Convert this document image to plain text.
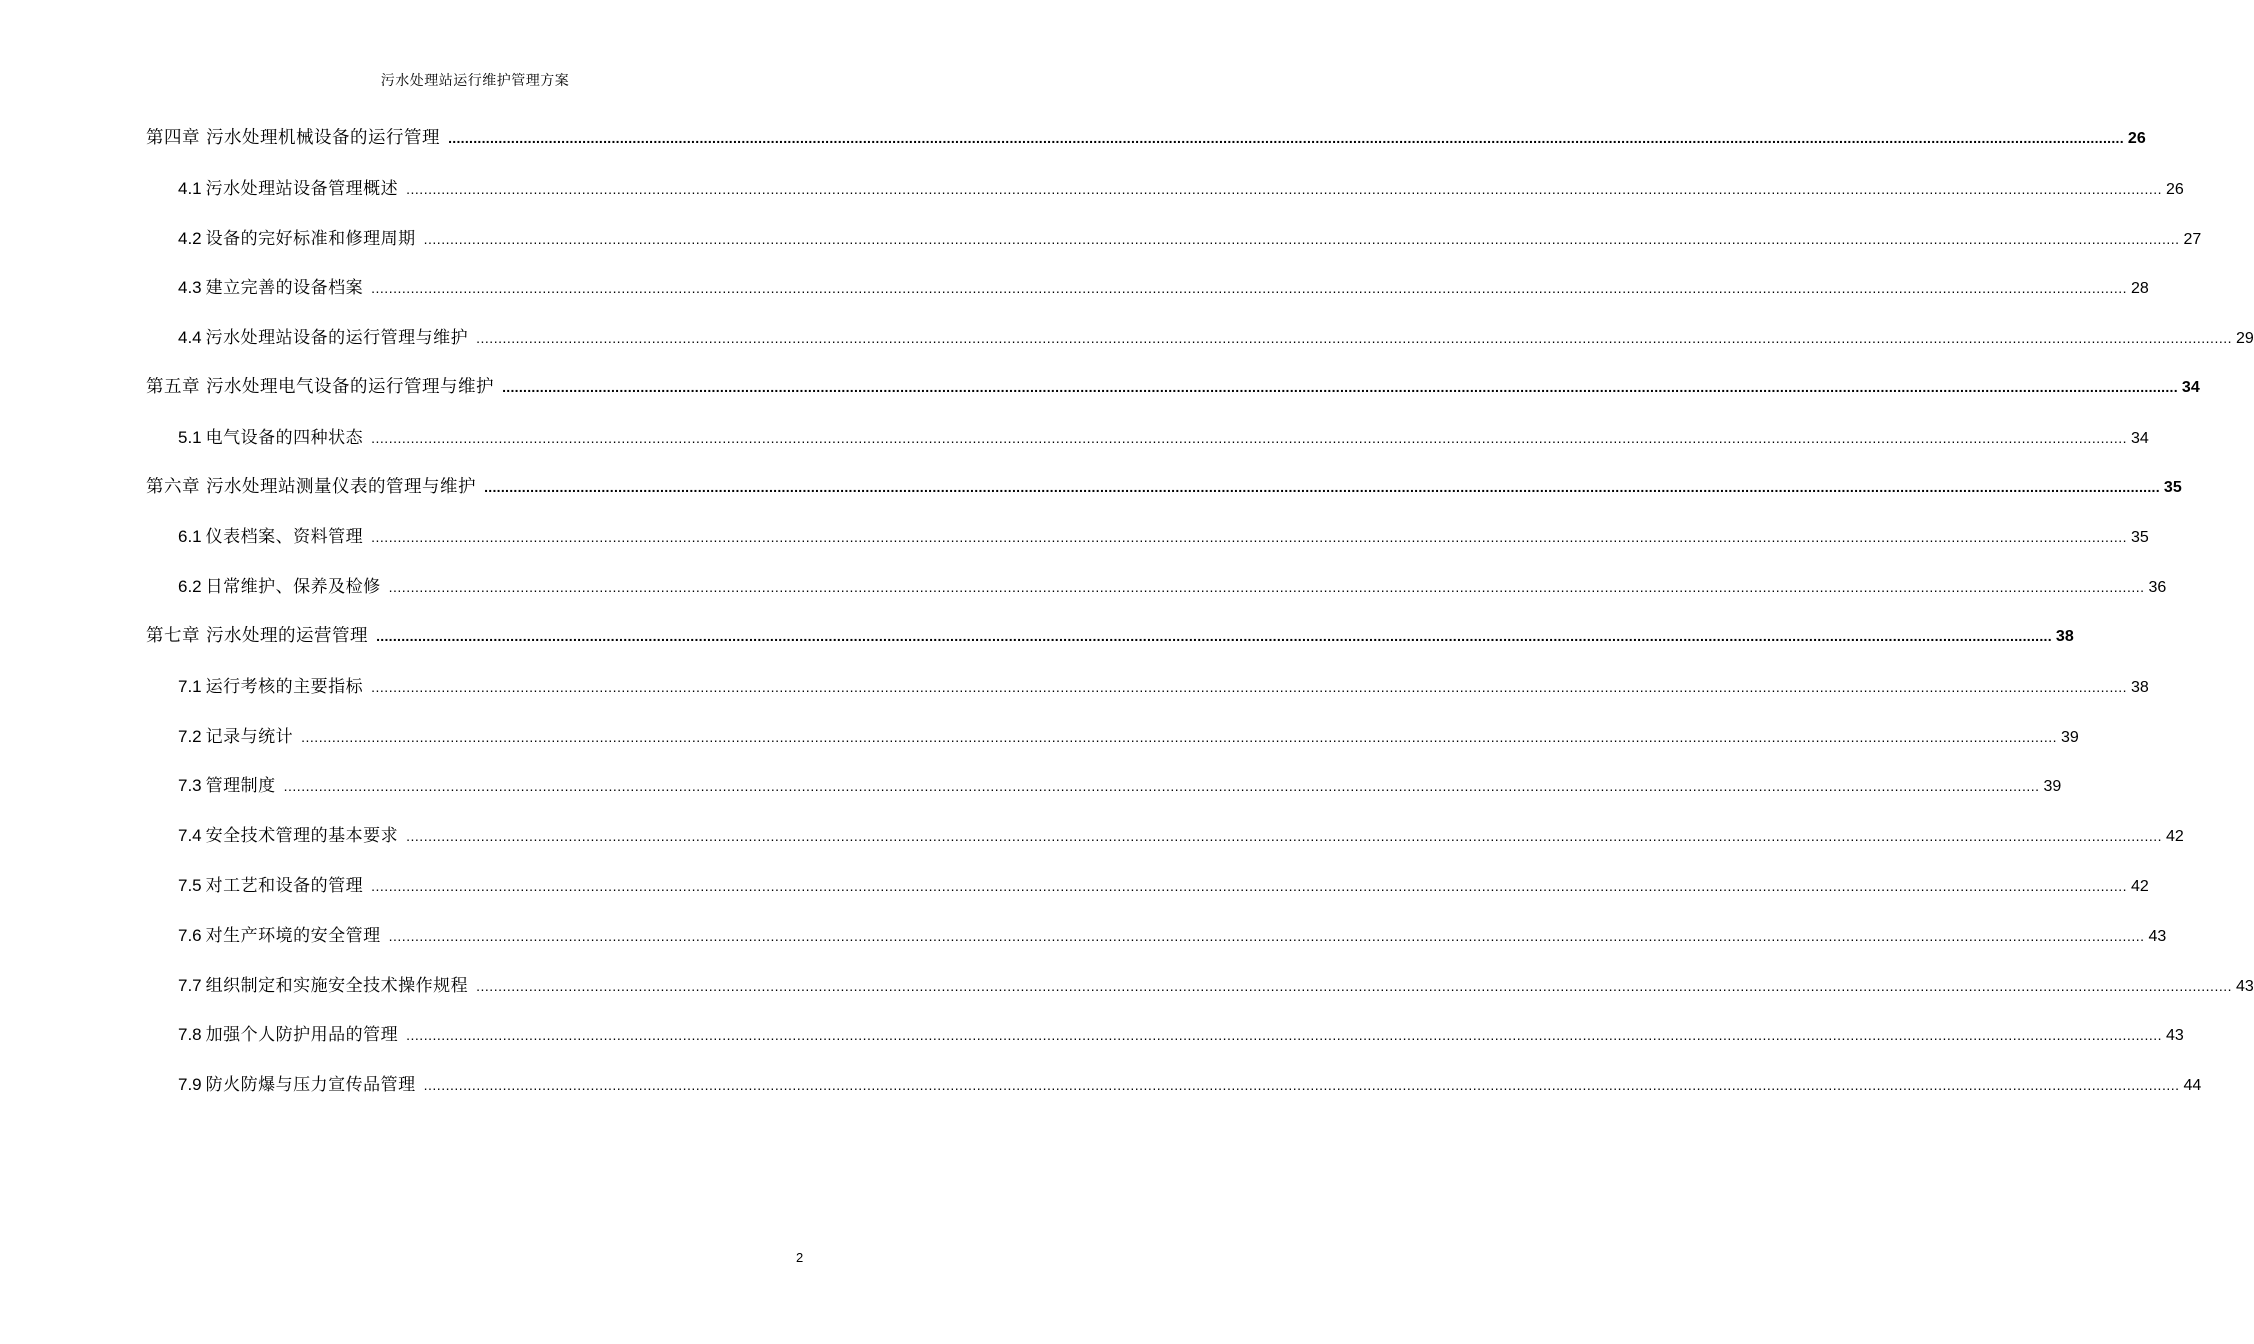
污水处理站运行维护管理方案
第四章 污水处理机械设备的运行管理 ................................................................................................................................................................................................................................................................................................................................................................................................................ 26
4.1 污水处理站设备管理概述 ................................................................................................................................................................................................................................................................................................................................................................................................................ 26
4.2 设备的完好标准和修理周期 ................................................................................................................................................................................................................................................................................................................................................................................................................ 27
4.3 建立完善的设备档案 ................................................................................................................................................................................................................................................................................................................................................................................................................ 28
4.4 污水处理站设备的运行管理与维护 ................................................................................................................................................................................................................................................................................................................................................................................................................ 29
第五章 污水处理电气设备的运行管理与维护 ................................................................................................................................................................................................................................................................................................................................................................................................................ 34
5.1 电气设备的四种状态 ................................................................................................................................................................................................................................................................................................................................................................................................................ 34
第六章 污水处理站测量仪表的管理与维护 ................................................................................................................................................................................................................................................................................................................................................................................................................ 35
6.1 仪表档案、资料管理 ................................................................................................................................................................................................................................................................................................................................................................................................................ 35
6.2 日常维护、保养及检修 ................................................................................................................................................................................................................................................................................................................................................................................................................ 36
第七章 污水处理的运营管理 ................................................................................................................................................................................................................................................................................................................................................................................................................ 38
7.1 运行考核的主要指标 ................................................................................................................................................................................................................................................................................................................................................................................................................ 38
7.2 记录与统计 ................................................................................................................................................................................................................................................................................................................................................................................................................ 39
7.3 管理制度 ................................................................................................................................................................................................................................................................................................................................................................................................................ 39
7.4 安全技术管理的基本要求 ................................................................................................................................................................................................................................................................................................................................................................................................................ 42
7.5 对工艺和设备的管理 ................................................................................................................................................................................................................................................................................................................................................................................................................ 42
7.6 对生产环境的安全管理 ................................................................................................................................................................................................................................................................................................................................................................................................................ 43
7.7 组织制定和实施安全技术操作规程 ................................................................................................................................................................................................................................................................................................................................................................................................................ 43
7.8 加强个人防护用品的管理 ................................................................................................................................................................................................................................................................................................................................................................................................................ 43
7.9 防火防爆与压力宣传品管理 ................................................................................................................................................................................................................................................................................................................................................................................................................ 44
2
